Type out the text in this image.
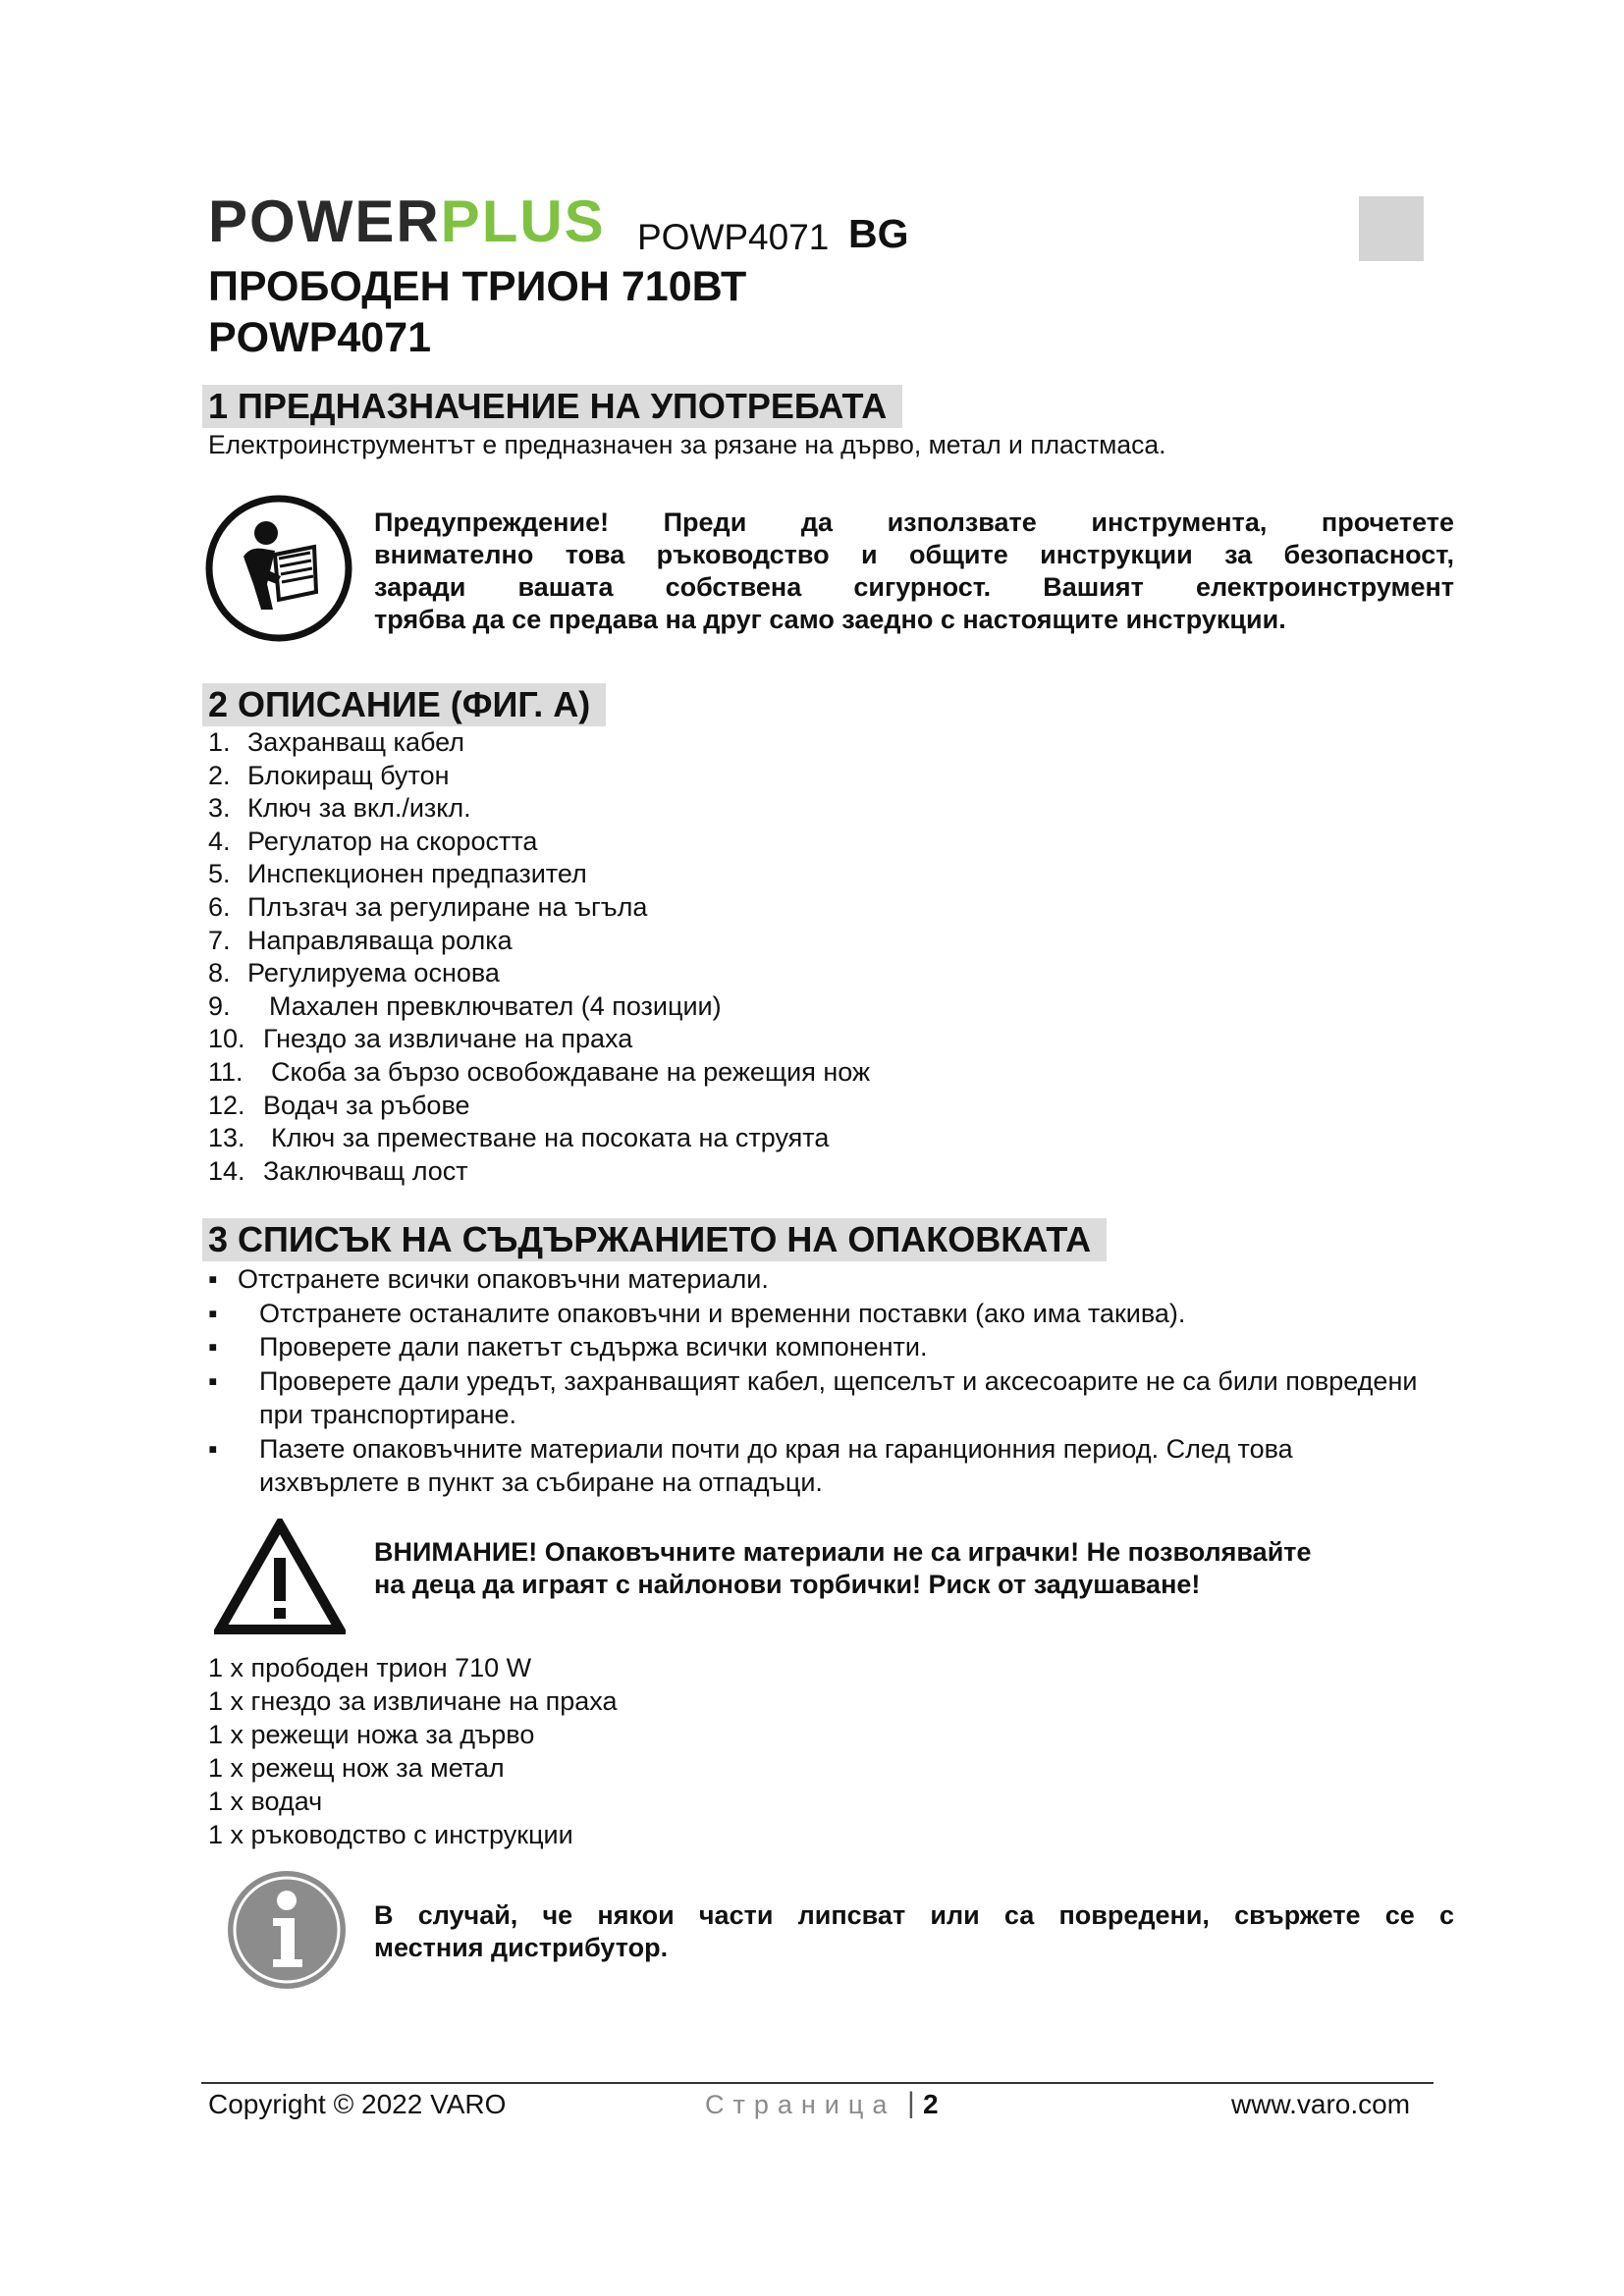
POWERPLUS POWP4071 BG
ПРОБОДЕН ТРИОН 710ВТ
POWP4071
1 ПРЕДНАЗНАЧЕНИЕ НА УПОТРЕБАТА
Електроинструментът е предназначен за рязане на дърво, метал и пластмаса.
Предупреждение! Преди да използвате инструмента, прочетете
внимателно това ръководство и общите инструкции за безопасност,
заради вашата собствена сигурност. Вашият електроинструмент
трябва да се предава на друг само заедно с настоящите инструкции.
2 ОПИСАНИЕ (ФИГ. A)
1. Захранващ кабел
2. Блокиращ бутон
3. Ключ за вкл./изкл.
4. Регулатор на скоростта
5. Инспекционен предпазител
6. Плъзгач за регулиране на ъгъла
7. Направляваща ролка
8. Регулируема основа
9. Махален превключвател (4 позиции)
10. Гнездо за извличане на праха
11. Скоба за бързо освобождаване на режещия нож
12. Водач за ръбове
13. Ключ за преместване на посоката на струята
14. Заключващ лост
3 СПИСЪК НА СЪДЪРЖАНИЕТО НА ОПАКОВКАТА
▪ Отстранете всички опаковъчни материали.
▪ Отстранете останалите опаковъчни и временни поставки (ако има такива).
▪ Проверете дали пакетът съдържа всички компоненти.
▪ Проверете дали уредът, захранващият кабел, щепселът и аксесоарите не са били повредени при транспортиране.
▪ Пазете опаковъчните материали почти до края на гаранционния период. След това изхвърлете в пункт за събиране на отпадъци.
ВНИМАНИЕ! Опаковъчните материали не са играчки! Не позволявайте
на деца да играят с найлонови торбички! Риск от задушаване!
1 x прободен трион 710 W
1 x гнездо за извличане на праха
1 x режещи ножа за дърво
1 x режещ нож за метал
1 x водач
1 x ръководство с инструкции
В случай, че някои части липсват или са повредени, свържете се с
местния дистрибутор.
Copyright © 2022 VARO	Страница | 2	www.varo.com
